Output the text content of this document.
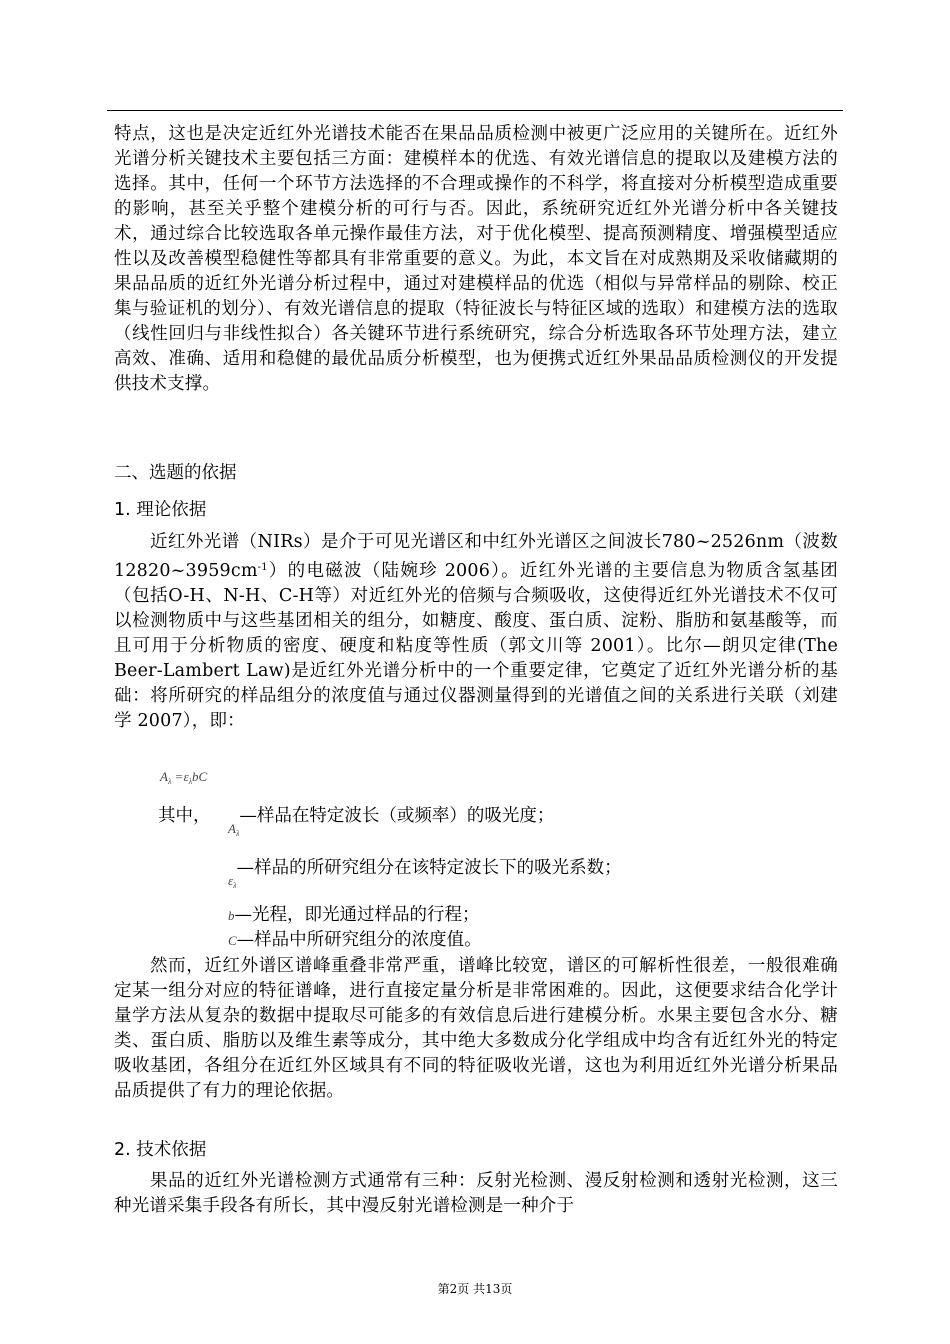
特点，这也是决定近红外光谱技术能否在果品品质检测中被更广泛应用的关键所在。近红外光谱分析关键技术主要包括三方面：建模样本的优选、有效光谱信息的提取以及建模方法的选择。其中，任何一个环节方法选择的不合理或操作的不科学，将直接对分析模型造成重要的影响，甚至关乎整个建模分析的可行与否。因此，系统研究近红外光谱分析中各关键技术，通过综合比较选取各单元操作最佳方法，对于优化模型、提高预测精度、增强模型适应性以及改善模型稳健性等都具有非常重要的意义。为此，本文旨在对成熟期及采收储藏期的果品品质的近红外光谱分析过程中，通过对建模样品的优选（相似与异常样品的剔除、校正集与验证机的划分）、有效光谱信息的提取（特征波长与特征区域的选取）和建模方法的选取（线性回归与非线性拟合）各关键环节进行系统研究，综合分析选取各环节处理方法，建立高效、准确、适用和稳健的最优品质分析模型，也为便携式近红外果品品质检测仪的开发提供技术支撑。

二、选题的依据
1. 理论依据

近红外光谱（NIRs）是介于可见光谱区和中红外光谱区之间波长780~2526nm（波数$12820\sim 3959cm^{-1}$）的电磁波（陆婉珍 2006）。近红外光谱的主要信息为物质含氢基团（包括O-H、N-H、C-H等）对近红外光的倍频与合频吸收，这使得近红外光谱技术不仅可以检测物质中与这些基团相关的组分，如糖度、酸度、蛋白质、淀粉、脂肪和氨基酸等，而且可用于分析物质的密度、硬度和粘度等性质（郭文川等 2001）。比尔—朗贝定律(The Beer-Lambert Law)是近红外光谱分析中的一个重要定律，它奠定了近红外光谱分析的基础：将所研究的样品组分的浓度值与通过仪器测量得到的光谱值之间的关系进行关联（刘建学 2007），即：

$A_\lambda =\varepsilon_\lambda bC$
其中，
$_{A_\lambda}$—样品在特定波长（或频率）的吸光度；
$_{\varepsilon_\lambda}$—样品的所研究组分在该特定波长下的吸光系数；
b—光程，即光通过样品的行程；
C—样品中所研究组分的浓度值。

然而，近红外谱区谱峰重叠非常严重，谱峰比较宽，谱区的可解析性很差，一般很难确定某一组分对应的特征谱峰，进行直接定量分析是非常困难的。因此，这便要求结合化学计量学方法从复杂的数据中提取尽可能多的有效信息后进行建模分析。水果主要包含水分、糖类、蛋白质、脂肪以及维生素等成分，其中绝大多数成分化学组成中均含有近红外光的特定吸收基团，各组分在近红外区域具有不同的特征吸收光谱，这也为利用近红外光谱分析果品品质提供了有力的理论依据。

2. 技术依据

果品的近红外光谱检测方式通常有三种：反射光检测、漫反射检测和透射光检测，这三种光谱采集手段各有所长，其中漫反射光谱检测是一种介于

第2页 共13页
